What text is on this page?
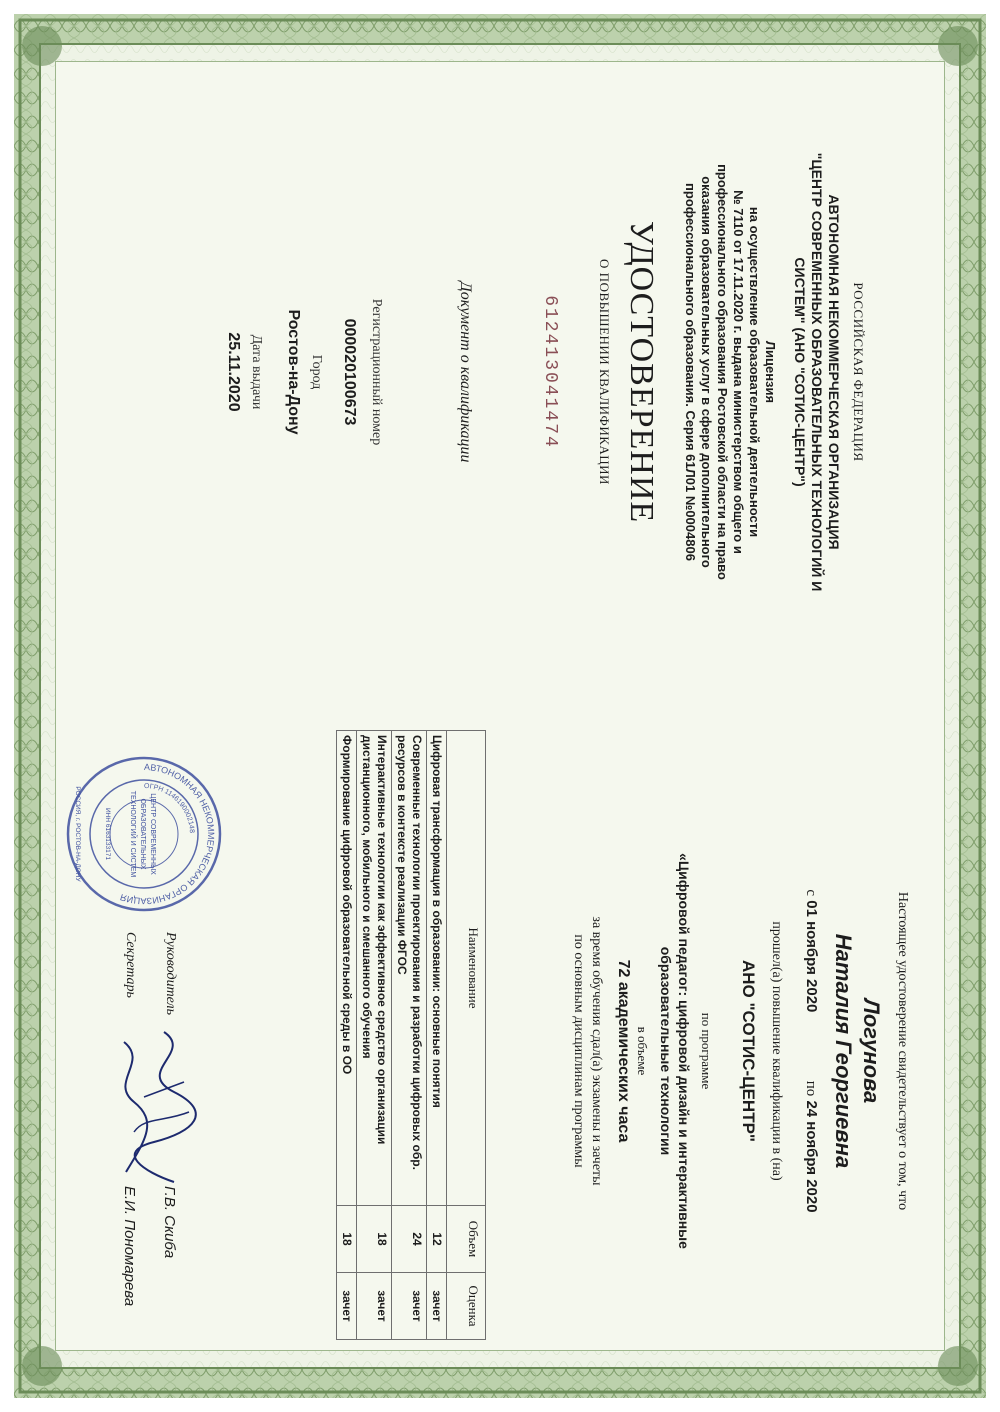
РОССИЙСКАЯ ФЕДЕРАЦИЯ
АВТОНОМНАЯ НЕКОММЕРЧЕСКАЯ ОРГАНИЗАЦИЯ
"ЦЕНТР СОВРЕМЕННЫХ ОБРАЗОВАТЕЛЬНЫХ ТЕХНОЛОГИЙ И
СИСТЕМ" (АНО "СОТИС-ЦЕНТР")
Лицензия
на осуществление образовательной деятельности
№ 7110 от 17.11.2020 г. выдана министерством общего и
профессионального образования Ростовской области на право
оказания образовательных услуг в сфере дополнительного
профессионального образования. Серия 61Л01 №0004806
УДОСТОВЕРЕНИЕ
О ПОВЫШЕНИИ КВАЛИФИКАЦИИ
612413041474
Документ о квалификации
Регистрационный номер
000020100673
Город
Ростов-на-Дону
Дата выдачи
25.11.2020
Настоящее удостоверение свидетельствует о том, что
Логунова
Наталия Георгиевна
с 01 ноября 2020  по 24 ноября 2020
прошел(а) повышение квалификации в (на)
АНО "СОТИС-ЦЕНТР"
по программе
«Цифровой педагог: цифровой дизайн и интерактивные
образовательные технологии
в объеме
72 академических часа
за время обучения сдал(а) экзамены и зачеты
по основным дисциплинам программы
Наименование	Объем	Оценка
Цифровая трансформация в образовании: основные понятия	12	зачет
Современные технологии проектирования и разработки цифровых обр. ресурсов в контексте реализации ФГОС	24	зачет
Интерактивные технологии как эффективное средство организации дистанционного, мобильного и смешанного обучения	18	зачет
Формирование цифровой образовательной среды в ОО	18	зачет
АВТОНОМНАЯ НЕКОММЕРЧЕСКАЯ ОРГАНИЗАЦИЯ
ОГРН 1146190002148
ЦЕНТР СОВРЕМЕННЫХ
ОБРАЗОВАТЕЛЬНЫХ
ТЕХНОЛОГИЙ И СИСТЕМ
ИНН 6163133171
РОССИЯ, г. РОСТОВ-НА-ДОНУ
Руководитель
Г.В. Скиба
Секретарь
Е.И. Пономарева
